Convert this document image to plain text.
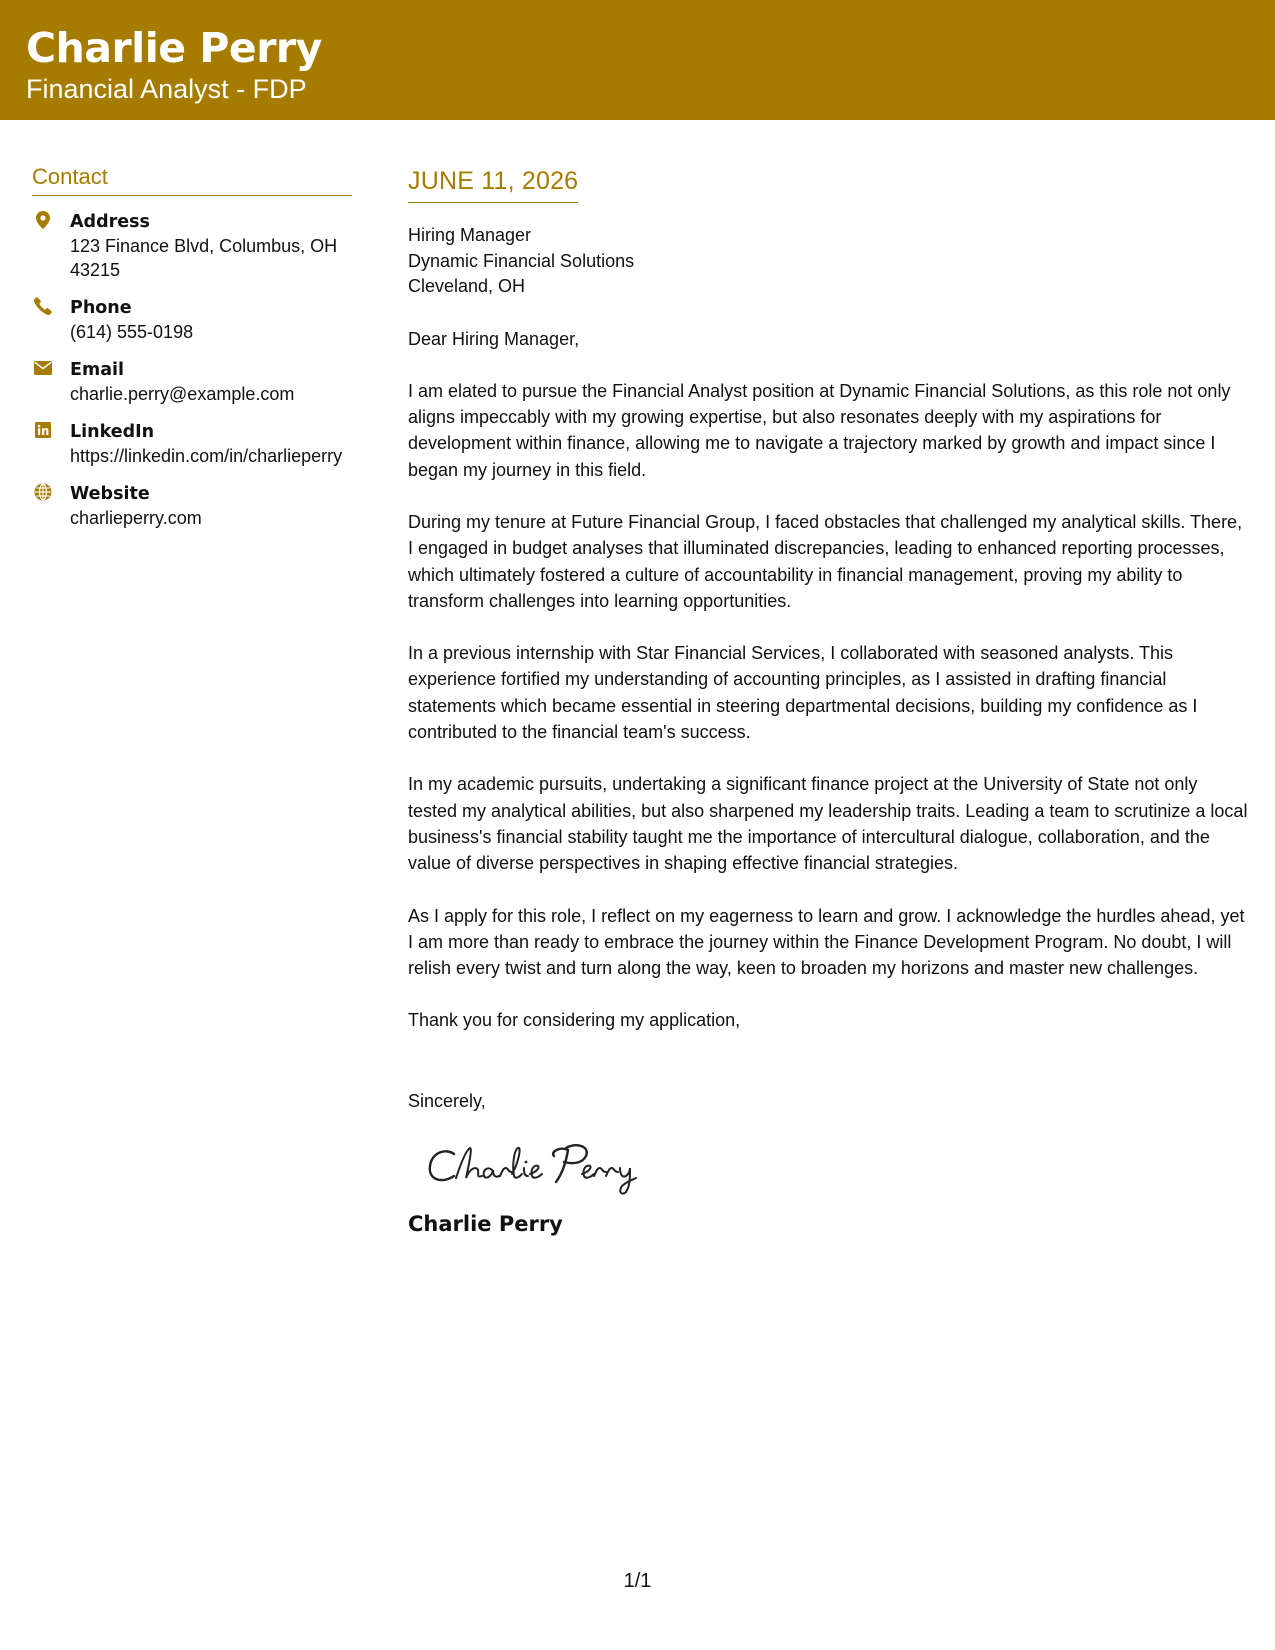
Charlie Perry
Financial Analyst - FDP
Contact
Address
123 Finance Blvd, Columbus, OH 43215
Phone
(614) 555-0198
Email
charlie.perry@example.com
LinkedIn
https://linkedin.com/in/charlieperry
Website
charlieperry.com
JUNE 11, 2026
Hiring Manager
Dynamic Financial Solutions
Cleveland, OH

Dear Hiring Manager,

I am elated to pursue the Financial Analyst position at Dynamic Financial Solutions, as this role not only aligns impeccably with my growing expertise, but also resonates deeply with my aspirations for development within finance, allowing me to navigate a trajectory marked by growth and impact since I began my journey in this field.

During my tenure at Future Financial Group, I faced obstacles that challenged my analytical skills. There, I engaged in budget analyses that illuminated discrepancies, leading to enhanced reporting processes, which ultimately fostered a culture of accountability in financial management, proving my ability to transform challenges into learning opportunities.

In a previous internship with Star Financial Services, I collaborated with seasoned analysts. This experience fortified my understanding of accounting principles, as I assisted in drafting financial statements which became essential in steering departmental decisions, building my confidence as I contributed to the financial team's success.

In my academic pursuits, undertaking a significant finance project at the University of State not only tested my analytical abilities, but also sharpened my leadership traits. Leading a team to scrutinize a local business's financial stability taught me the importance of intercultural dialogue, collaboration, and the value of diverse perspectives in shaping effective financial strategies.

As I apply for this role, I reflect on my eagerness to learn and grow. I acknowledge the hurdles ahead, yet I am more than ready to embrace the journey within the Finance Development Program. No doubt, I will relish every twist and turn along the way, keen to broaden my horizons and master new challenges.

Thank you for considering my application,

Sincerely,

Charlie Perry
1/1
